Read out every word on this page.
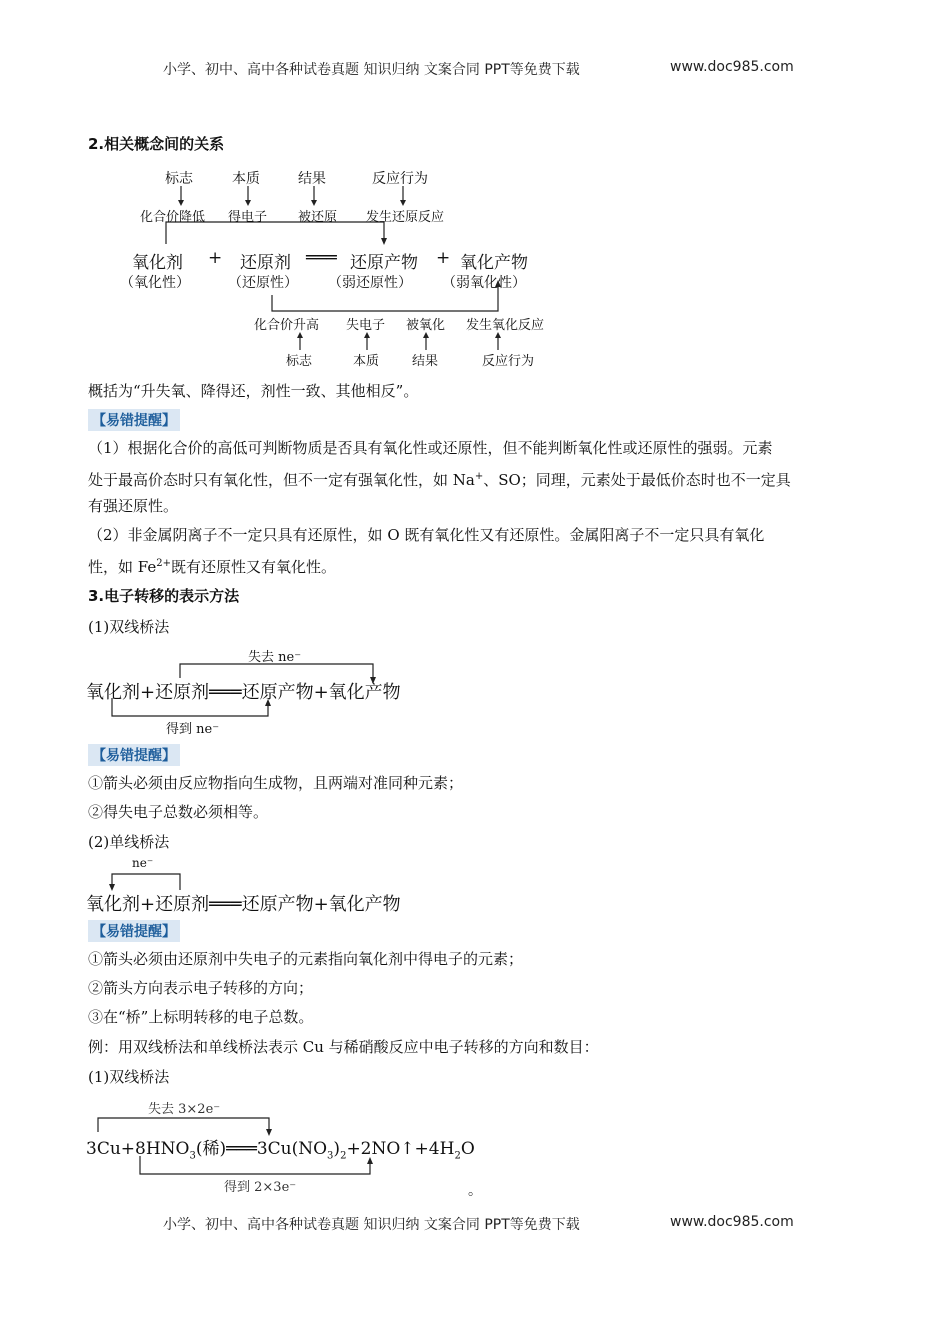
小学、初中、高中各种试卷真题 知识归纳 文案合同 PPT等免费下载	www.doc985.com
2.相关概念间的关系
标志	本质	结果	反应行为
化合价降低 得电子 被还原 发生还原反应
氧化剂 + 还原剂 ═══ 还原产物 + 氧化产物
（氧化性）	（还原性） （弱还原性） （弱氧化性）
化合价升高 失电子 被氧化 发生氧化反应
标志	本质	结果	反应行为
概括为“升失氧、降得还，剂性一致、其他相反”。
【易错提醒】
（1）根据化合价的高低可判断物质是否具有氧化性或还原性，但不能判断氧化性或还原性的强弱。元素
处于最高价态时只有氧化性，但不一定有强氧化性，如 Na+、SO；同理，元素处于最低价态时也不一定具
有强还原性。
（2）非金属阴离子不一定只具有还原性，如 O 既有氧化性又有还原性。金属阳离子不一定只具有氧化
性，如 $Fe^{2+}$既有还原性又有氧化性。
3.电子转移的表示方法
(1)双线桥法
失去 ne⁻
氧化剂+还原剂═══还原产物+氧化产物
得到 ne⁻
【易错提醒】
①箭头必须由反应物指向生成物，且两端对准同种元素；
②得失电子总数必须相等。
(2)单线桥法
ne⁻
氧化剂+还原剂═══还原产物+氧化产物
【易错提醒】
①箭头必须由还原剂中失电子的元素指向氧化剂中得电子的元素；
②箭头方向表示电子转移的方向；
③在“桥”上标明转移的电子总数。
例：用双线桥法和单线桥法表示 Cu 与稀硝酸反应中电子转移的方向和数目：
(1)双线桥法
失去 3×2e⁻
$3Cu+8HNO_3$(稀)$═══3Cu(NO_3)_2+2NO↑+4H_2O$
得到 2×3e⁻	。
小学、初中、高中各种试卷真题 知识归纳 文案合同 PPT等免费下载	www.doc985.com
